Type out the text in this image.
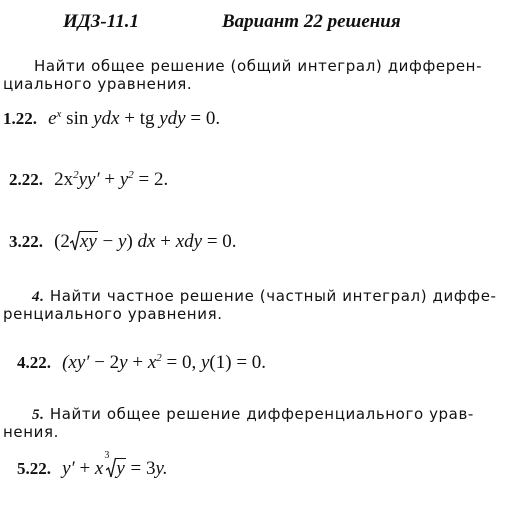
ИДЗ-11.1	Вариант 22 решения
Найти общее решение (общий интеграл) дифферен-
циального уравнения.
1.22. $e^x$ sin ydx + tg ydy = 0.
2.22. $2x^2yy' + y^2 = 2$.
3.22. (2 xy − y) dx + xdy = 0.
4. Найти частное решение (частный интеграл) диффе-
ренциального уравнения.
4.22. ($xy' - 2y + x^2 = 0$, y(1) = 0.
5. Найти общее решение дифференциального урав-
нения.
5.22. y′ + x
3
y = 3y.
